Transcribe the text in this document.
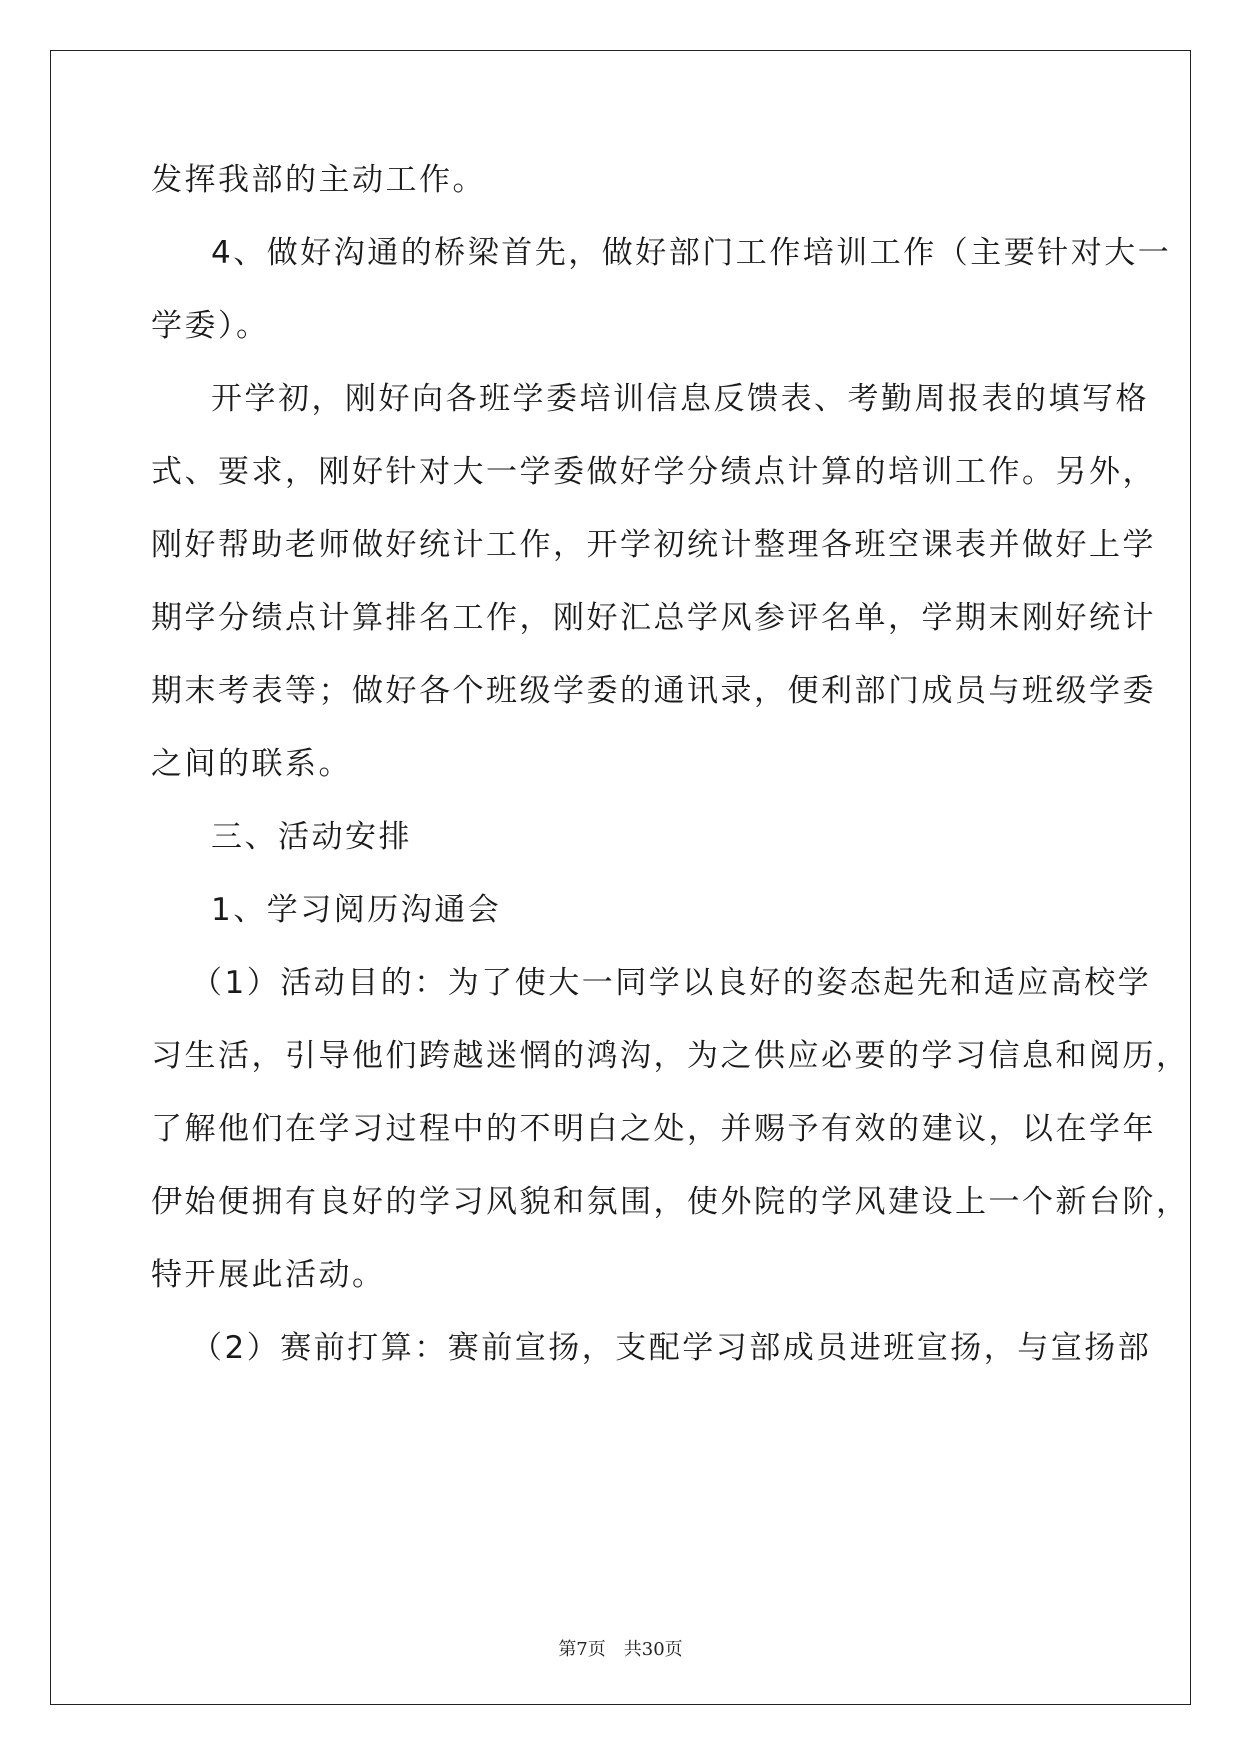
发挥我部的主动工作。
4、做好沟通的桥梁首先，做好部门工作培训工作（主要针对大一
学委）。
开学初，刚好向各班学委培训信息反馈表、考勤周报表的填写格
式、要求，刚好针对大一学委做好学分绩点计算的培训工作。另外，
刚好帮助老师做好统计工作，开学初统计整理各班空课表并做好上学
期学分绩点计算排名工作，刚好汇总学风参评名单，学期末刚好统计
期末考表等；做好各个班级学委的通讯录，便利部门成员与班级学委
之间的联系。
三、活动安排
1、学习阅历沟通会
（1）活动目的：为了使大一同学以良好的姿态起先和适应高校学
习生活，引导他们跨越迷惘的鸿沟，为之供应必要的学习信息和阅历，
了解他们在学习过程中的不明白之处，并赐予有效的建议，以在学年
伊始便拥有良好的学习风貌和氛围，使外院的学风建设上一个新台阶，
特开展此活动。
（2）赛前打算：赛前宣扬，支配学习部成员进班宣扬，与宣扬部
第7页 共30页
